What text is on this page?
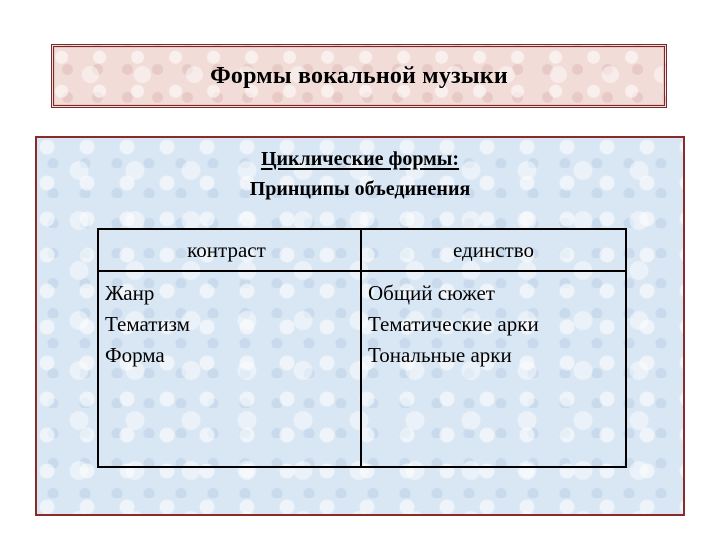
Формы вокальной музыки
Циклические формы:
Принципы объединения
контраст	единство
Жанр
Тематизм
Форма
Общий сюжет
Тематические арки
Тональные арки
